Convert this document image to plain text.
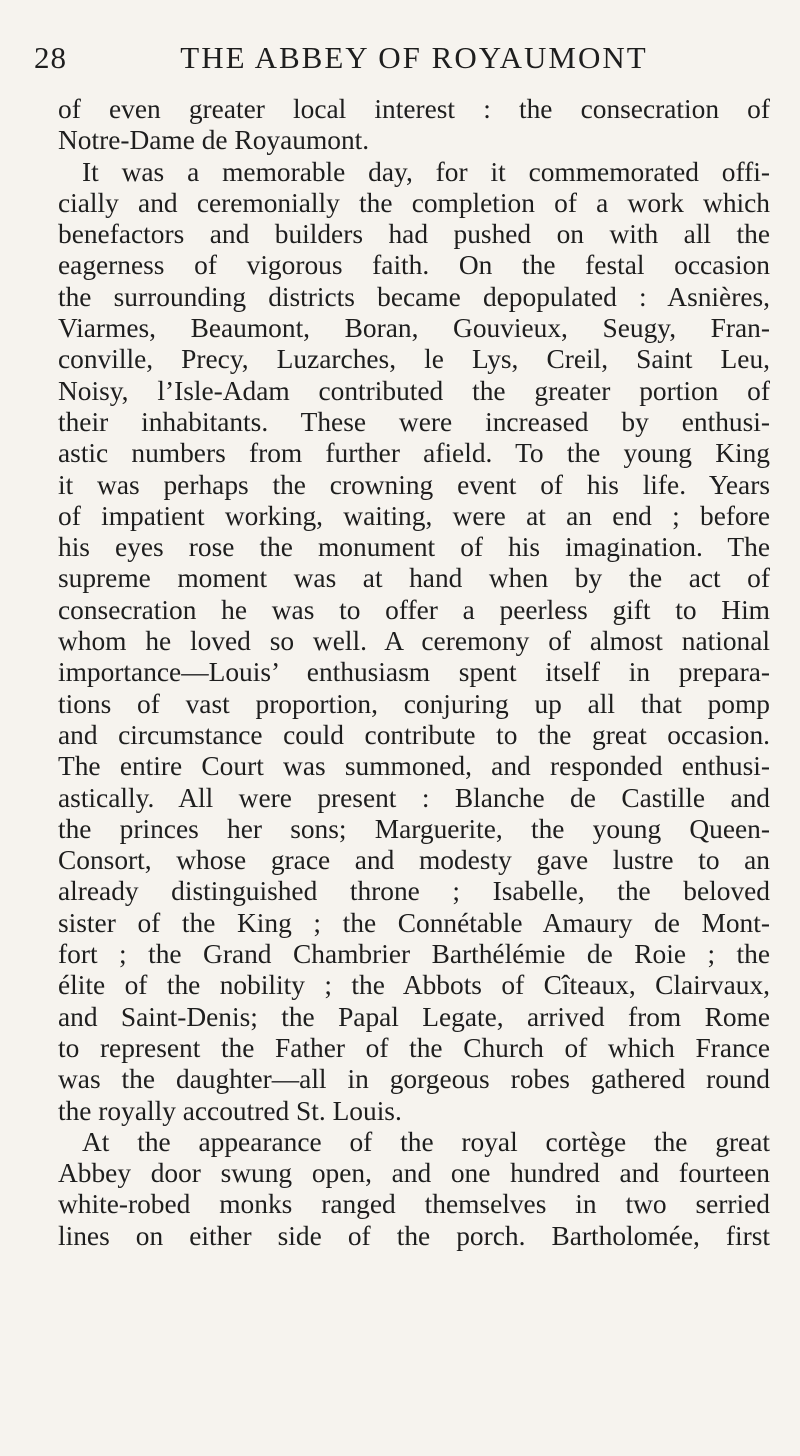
28	THE ABBEY OF ROYAUMONT
of even greater local interest : the consecration of
Notre-Dame de Royaumont.
It was a memorable day, for it commemorated offi-
cially and ceremonially the completion of a work which
benefactors and builders had pushed on with all the
eagerness of vigorous faith. On the festal occasion
the surrounding districts became depopulated : Asnières,
Viarmes, Beaumont, Boran, Gouvieux, Seugy, Fran-
conville, Precy, Luzarches, le Lys, Creil, Saint Leu,
Noisy, l’Isle-Adam contributed the greater portion of
their inhabitants. These were increased by enthusi-
astic numbers from further afield. To the young King
it was perhaps the crowning event of his life. Years
of impatient working, waiting, were at an end ; before
his eyes rose the monument of his imagination. The
supreme moment was at hand when by the act of
consecration he was to offer a peerless gift to Him
whom he loved so well. A ceremony of almost national
importance—Louis’ enthusiasm spent itself in prepara-
tions of vast proportion, conjuring up all that pomp
and circumstance could contribute to the great occasion.
The entire Court was summoned, and responded enthusi-
astically. All were present : Blanche de Castille and
the princes her sons; Marguerite, the young Queen-
Consort, whose grace and modesty gave lustre to an
already distinguished throne ; Isabelle, the beloved
sister of the King ; the Connétable Amaury de Mont-
fort ; the Grand Chambrier Barthélémie de Roie ; the
élite of the nobility ; the Abbots of Cîteaux, Clairvaux,
and Saint-Denis; the Papal Legate, arrived from Rome
to represent the Father of the Church of which France
was the daughter—all in gorgeous robes gathered round
the royally accoutred St. Louis.
At the appearance of the royal cortège the great
Abbey door swung open, and one hundred and fourteen
white-robed monks ranged themselves in two serried
lines on either side of the porch. Bartholomée, first
